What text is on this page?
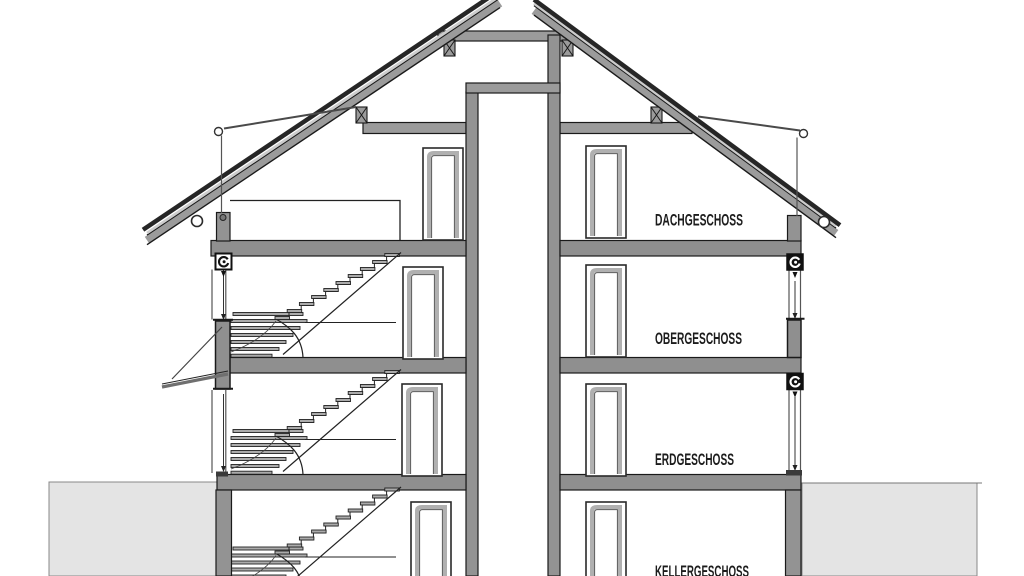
DACHGESCHOSS
OBERGESCHOSS
ERDGESCHOSS
KELLERGESCHOSS
